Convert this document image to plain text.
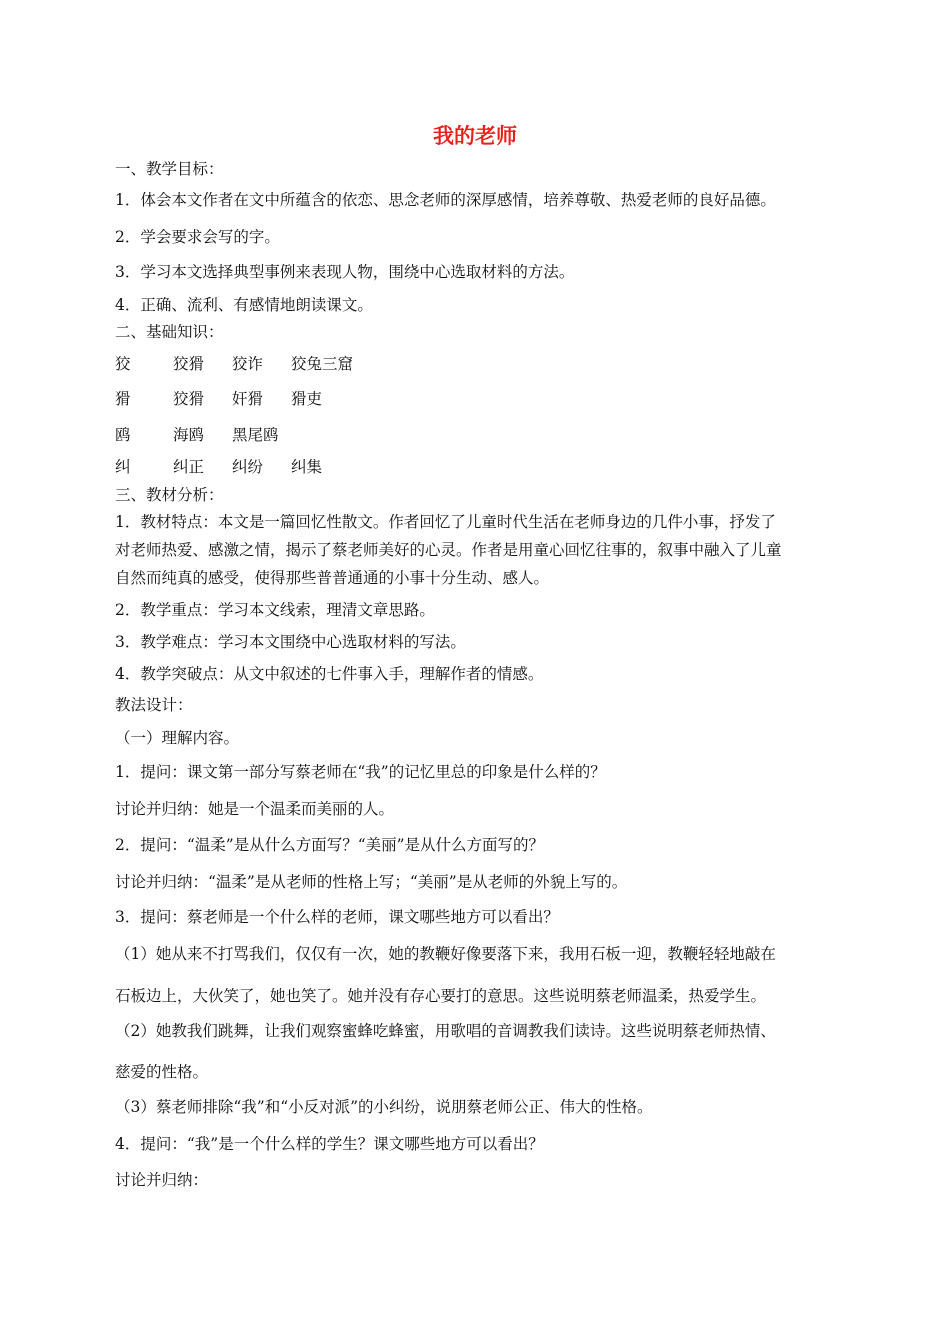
我的老师
一、教学目标：
1．体会本文作者在文中所蕴含的依恋、思念老师的深厚感情，培养尊敬、热爱老师的良好品德。
2．学会要求会写的字。
3．学习本文选择典型事例来表现人物，围绕中心选取材料的方法。
4．正确、流利、有感情地朗读课文。
二、基础知识：
狡	狡猾 狡诈 狡兔三窟
猾	狡猾 奸猾 猾吏
鸥	海鸥 黑尾鸥
纠	纠正 纠纷 纠集
三、教材分析：
1．教材特点：本文是一篇回忆性散文。作者回忆了儿童时代生活在老师身边的几件小事，抒发了
对老师热爱、感激之情，揭示了蔡老师美好的心灵。作者是用童心回忆往事的，叙事中融入了儿童
自然而纯真的感受，使得那些普普通通的小事十分生动、感人。
2．教学重点：学习本文线索，理清文章思路。
3．教学难点：学习本文围绕中心选取材料的写法。
4．教学突破点：从文中叙述的七件事入手，理解作者的情感。
教法设计：
（一）理解内容。
1．提问：课文第一部分写蔡老师在“我”的记忆里总的印象是什么样的？
讨论并归纳：她是一个温柔而美丽的人。
2．提问：“温柔”是从什么方面写？“美丽”是从什么方面写的？
讨论并归纳：“温柔”是从老师的性格上写；“美丽”是从老师的外貌上写的。
3．提问：蔡老师是一个什么样的老师，课文哪些地方可以看出？
（1）她从来不打骂我们，仅仅有一次，她的教鞭好像要落下来，我用石板一迎，教鞭轻轻地敲在
石板边上，大伙笑了，她也笑了。她并没有存心要打的意思。这些说明蔡老师温柔，热爱学生。
（2）她教我们跳舞，让我们观察蜜蜂吃蜂蜜，用歌唱的音调教我们读诗。这些说明蔡老师热情、
慈爱的性格。
（3）蔡老师排除“我”和“小反对派”的小纠纷，说朋蔡老师公正、伟大的性格。
4．提问：“我”是一个什么样的学生？课文哪些地方可以看出？
讨论并归纳：
